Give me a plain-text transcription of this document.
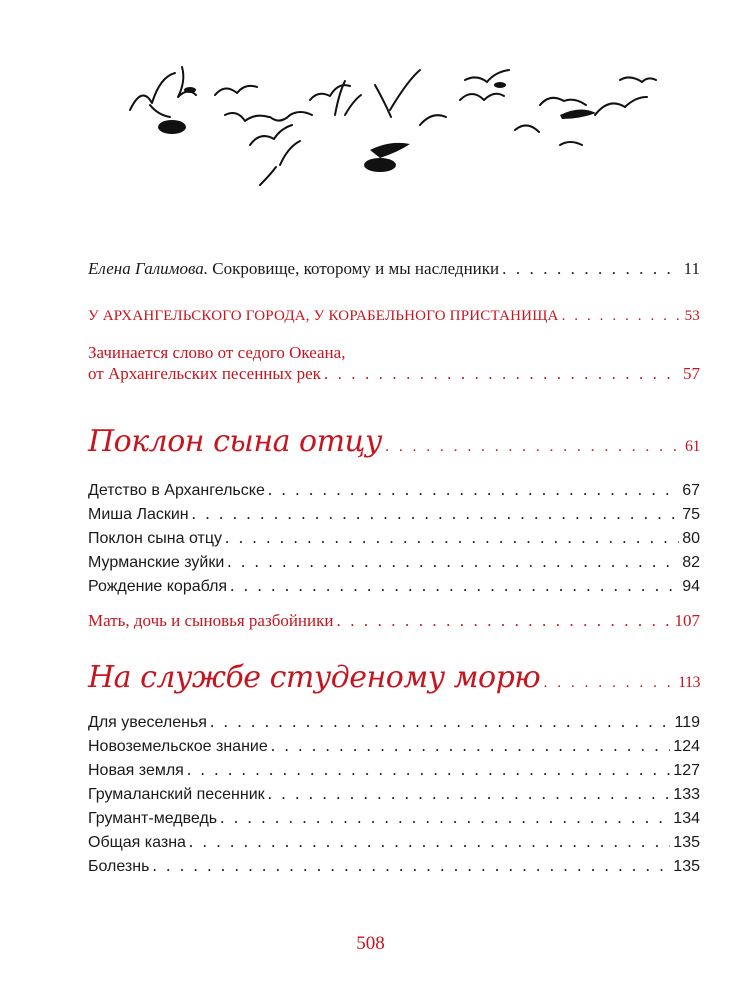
Елена Галимова. Сокровище, которому и мы наследники . . .	11
У АРХАНГЕЛЬСКОГО ГОРОДА, У КОРАБЕЛЬНОГО ПРИСТАНИЩА . . .	53
Зачинается слово от седого Океана,
от Архангельских песенных рек . . .	57
Поклон сына отцу . . .	61
Детство в Архангельске . . .	67
Миша Ласкин . . .	75
Поклон сына отцу . . .	80
Мурманские зуйки . . .	82
Рождение корабля . . .	94
Мать, дочь и сыновья разбойники . . .	107
На службе студеному морю . . .	113
Для увеселенья . . .	119
Новоземельское знание . . .	124
Новая земля . . .	127
Грумаланский песенник . . .	133
Грумант-медведь . . .	134
Общая казна . . .	135
Болезнь . . .	135
508
